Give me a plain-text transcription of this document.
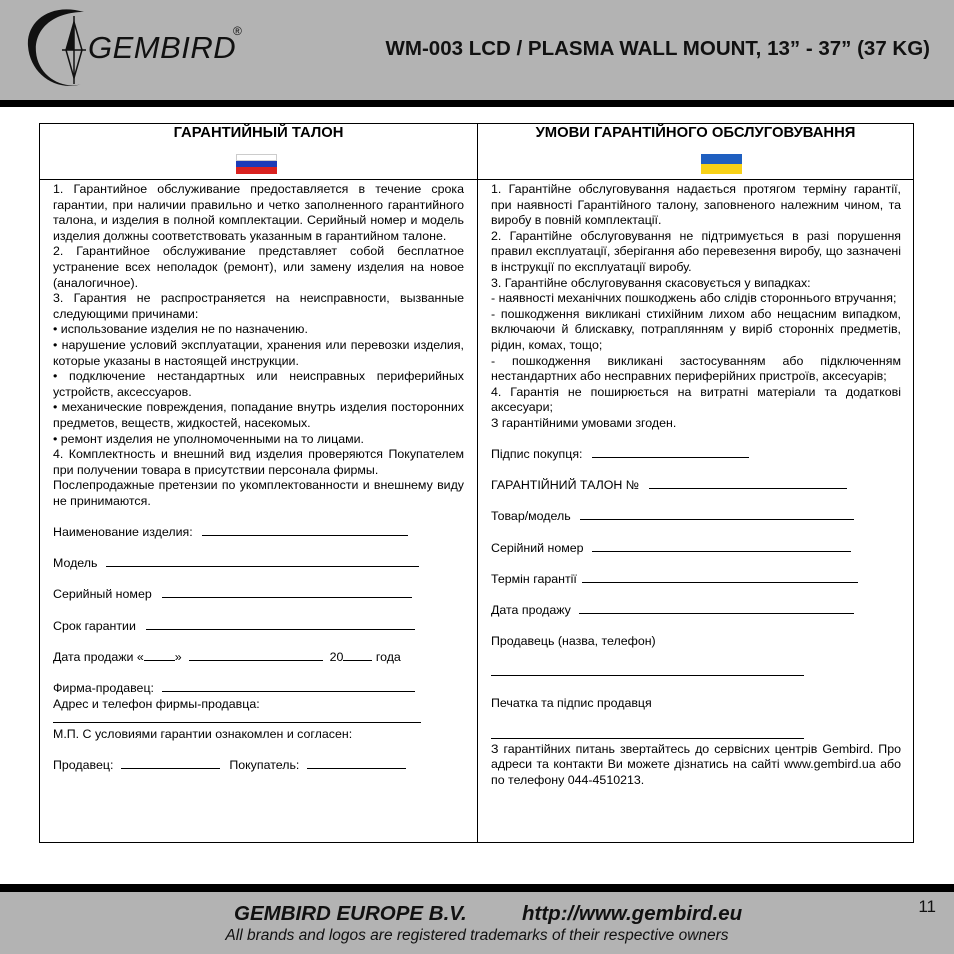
GEMBIRD
®
WM-003 LCD / PLASMA WALL MOUNT, 13” - 37” (37 KG)
ГАРАНТИЙНЫЙ ТАЛОН
1. Гарантийное обслуживание предоставляется в течение срока гарантии, при наличии правильно и четко заполненного гарантийного талона, и изделия в полной комплектации. Серийный номер и модель изделия должны соответствовать указанным в гарантийном талоне.
2. Гарантийное обслуживание представляет собой бесплатное устранение всех неполадок (ремонт), или замену изделия на новое (аналогичное).
3. Гарантия не распространяется на неисправности, вызванные следующими причинами:
• использование изделия не по назначению.
• нарушение условий эксплуатации, хранения или перевозки изделия, которые указаны в настоящей инструкции.
• подключение нестандартных или неисправных периферийных устройств, аксессуаров.
• механические повреждения, попадание внутрь изделия посторонних предметов, веществ, жидкостей, насекомых.
• ремонт изделия не уполномоченными на то лицами.
4. Комплектность и внешний вид изделия проверяются Покупателем при получении товара в присутствии персонала фирмы.
Послепродажные претензии по укомплектованности и внешнему виду не принимаются.
Наименование изделия:
Модель
Серийный номер
Срок гарантии
Дата продажи «	»	20	года
Фирма-продавец:
Адрес и телефон фирмы-продавца:
М.П. С условиями гарантии ознакомлен и согласен:
Продавец:	Покупатель:
УМОВИ ГАРАНТІЙНОГО ОБСЛУГОВУВАННЯ
1. Гарантійне обслуговування надається протягом терміну гарантії, при наявності Гарантійного талону, заповненого належним чином, та виробу в повній комплектації.
2. Гарантійне обслуговування не підтримується в разі порушення правил експлуатації, зберігання або перевезення виробу, що зазначені в інструкції по експлуатації виробу.
3. Гарантійне обслуговування скасовується у випадках:
- наявності механічних пошкоджень або слідів стороннього втручання;
- пошкодження викликані стихійним лихом або нещасним випадком, включаючи й блискавку, потраплянням у виріб сторонніх предметів, рідин, комах, тощо;
- пошкодження викликані застосуванням або підключенням нестандартних або несправних периферійних пристроїв, аксесуарів;
4. Гарантія не поширюється на витратні матеріали та додаткові аксесуари;
З гарантійними умовами згоден.
Підпис покупця:
ГАРАНТІЙНИЙ ТАЛОН №
Товар/модель
Серійний номер
Термін гарантії
Дата продажу
Продавець (назва, телефон)
Печатка та підпис продавця
З гарантійних питань звертайтесь до сервісних центрів Gembird. Про адреси та контакти Ви можете дізнатись на сайті www.gembird.ua або по телефону 044-4510213.
GEMBIRD EUROPE B.V.	http://www.gembird.eu
All brands and logos are registered trademarks of their respective owners
11
